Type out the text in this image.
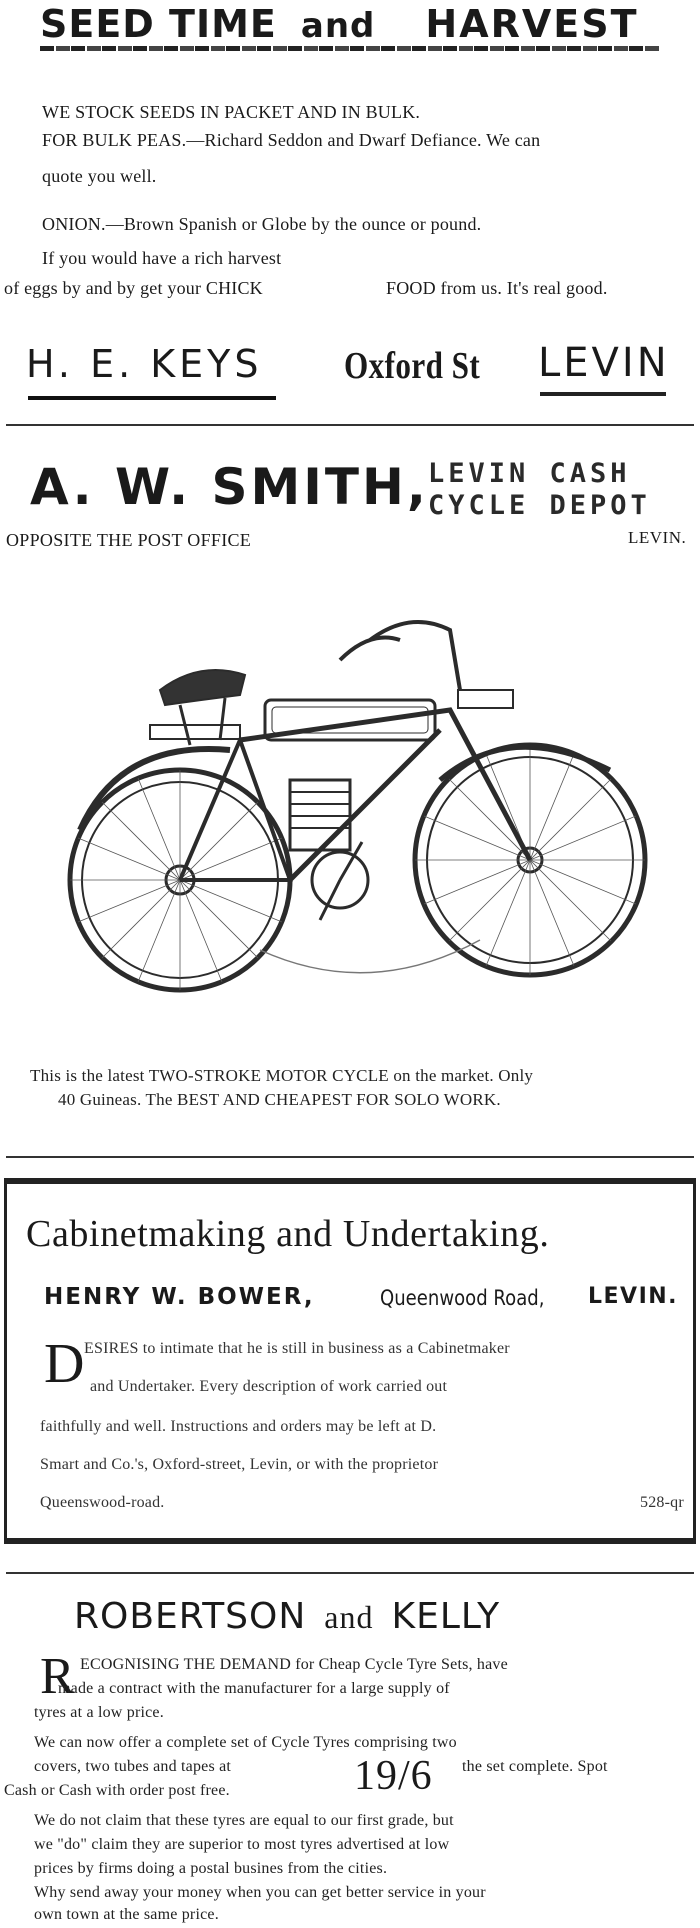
SEED TIME and HARVEST
WE STOCK SEEDS IN PACKET AND IN BULK.
FOR BULK PEAS.—Richard Seddon and Dwarf Defiance. We can
quote you well.
ONION.—Brown Spanish or Globe by the ounce or pound.
If you would have a rich harvest
of eggs by and by get your CHICK	FOOD from us. It's real good.
H. E. KEYS Oxford St LEVIN
A. W. SMITH, LEVIN CASH
CYCLE DEPOT
OPPOSITE THE POST OFFICE	LEVIN.
This is the latest TWO-STROKE MOTOR CYCLE on the market. Only
40 Guineas. The BEST AND CHEAPEST FOR SOLO WORK.
Cabinetmaking and Undertaking.
HENRY W. BOWER,	Queenwood Road, LEVIN.
D ESIRES to intimate that he is still in business as a Cabinetmaker
and Undertaker. Every description of work carried out
faithfully and well. Instructions and orders may be left at D.
Smart and Co.'s, Oxford-street, Levin, or with the proprietor
Queenswood-road.	528-qr
ROBERTSON and KELLY
R ECOGNISING THE DEMAND for Cheap Cycle Tyre Sets, have
made a contract with the manufacturer for a large supply of
tyres at a low price.
We can now offer a complete set of Cycle Tyres comprising two
covers, two tubes and tapes at	19/6 the set complete. Spot
Cash or Cash with order post free.
We do not claim that these tyres are equal to our first grade, but
we "do" claim they are superior to most tyres advertised at low
prices by firms doing a postal busines from the cities.
Why send away your money when you can get better service in your
own town at the same price.
